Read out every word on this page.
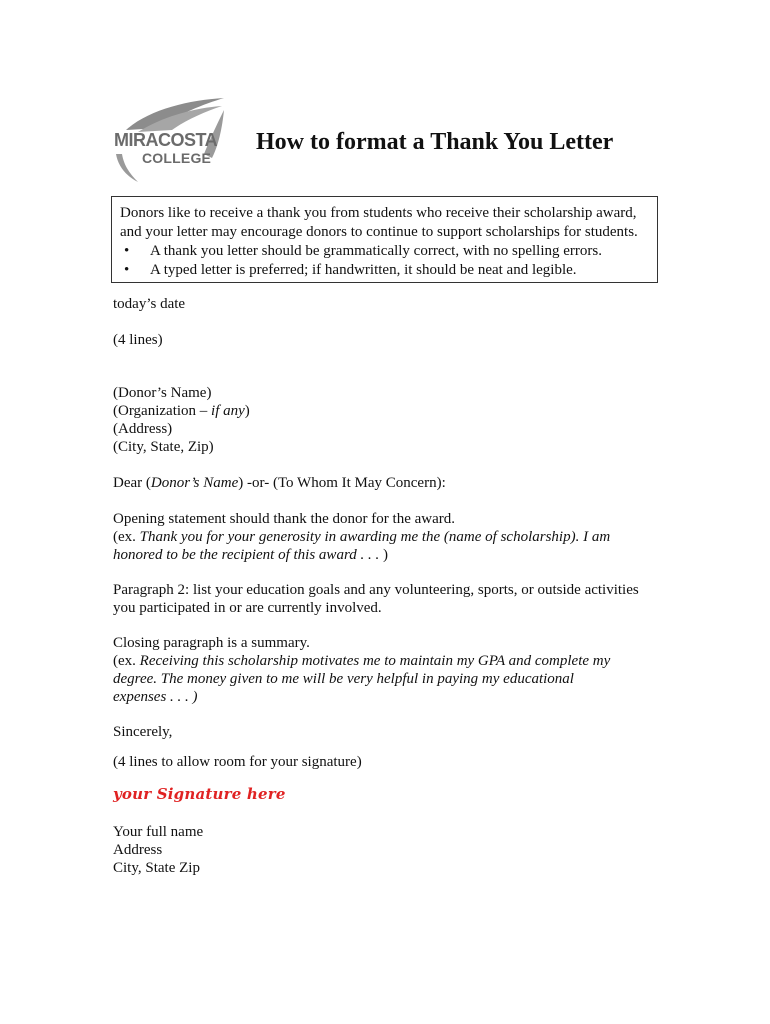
MIRACOSTA
COLLEGE
How to format a Thank You Letter

Donors like to receive a thank you from students who receive their scholarship award,

and your letter may encourage donors to continue to support scholarships for students.

• A thank you letter should be grammatically correct, with no spelling errors.
• A typed letter is preferred; if handwritten, it should be neat and legible.

today’s date

(4 lines)

(Donor’s Name)
(Organization – if any)
(Address)
(City, State, Zip)
Dear (Donor’s Name) -or- (To Whom It May Concern):
Opening statement should thank the donor for the award.
(ex. Thank you for your generosity in awarding me the (name of scholarship). I am
honored to be the recipient of this award . . . )
Paragraph 2: list your education goals and any volunteering, sports, or outside activities
you participated in or are currently involved.
Closing paragraph is a summary.
(ex. Receiving this scholarship motivates me to maintain my GPA and complete my
degree. The money given to me will be very helpful in paying my educational
expenses . . . )

Sincerely,

(4 lines to allow room for your signature)

your Signature here
Your full name
Address
City, State Zip
